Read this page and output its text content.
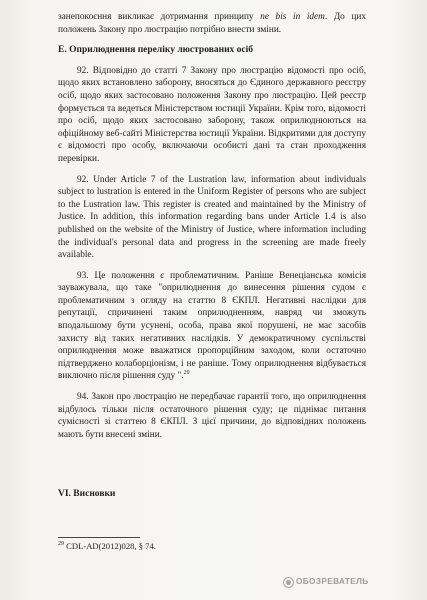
занепокоєння викликає дотримання принципу ne bis in idem. До цих положень Закону про люстрацію потрібно внести зміни.

Е. Оприлюднення переліку люстрованих осіб

92. Відповідно до статті 7 Закону про люстрацію відомості про осіб, щодо яких встановлено заборону, вносяться до Єдиного державного реєстру осіб, щодо яких застосовано положення Закону про люстрацію. Цей реєстр формується та ведеться Міністерством юстиції України. Крім того, відомості про осіб, щодо яких застосовано заборону, також оприлюднюються на офіційному веб-сайті Міністерства юстиції України. Відкритими для доступу є відомості про особу, включаючи особисті дані та стан проходження перевірки.

92. Under Article 7 of the Lustration law, information about individuals subject to lustration is entered in the Uniform Register of persons who are subject to the Lustration law. This register is created and maintained by the Ministry of Justice. In addition, this information regarding bans under Article 1.4 is also published on the website of the Ministry of Justice, where information including the individual's personal data and progress in the screening are made freely available.

93. Це положення є проблематичним. Раніше Венеціанська комісія зауважувала, що таке "оприлюднення до винесення рішення судом є проблематичним з огляду на статтю 8 ЄКПЛ. Негативні наслідки для репутації, спричинені таким оприлюдненням, навряд чи зможуть вподальшому бути усунені, особа, права якої порушені, не має засобів захисту від таких негативних наслідків. У демократичному суспільстві оприлюднення може вважатися пропорційним заходом, коли остаточно підтверджено колаборціонізм, і не раніше. Тому оприлюднення відбувається виключно після рішення суду ".$^{29}$

94. Закон про люстрацію не передбачає гарантії того, що оприлюднення відбулось тільки після остаточного рішення суду; це піднімає питання сумісності зі статтею 8 ЄКПЛ. З цієї причини, до відповідних положень мають бути внесені зміни.

VI. Висновки
$^{29}$ CDL-AD(2012)028, § 74.
ОБОЗРЕВАТЕЛЬ
